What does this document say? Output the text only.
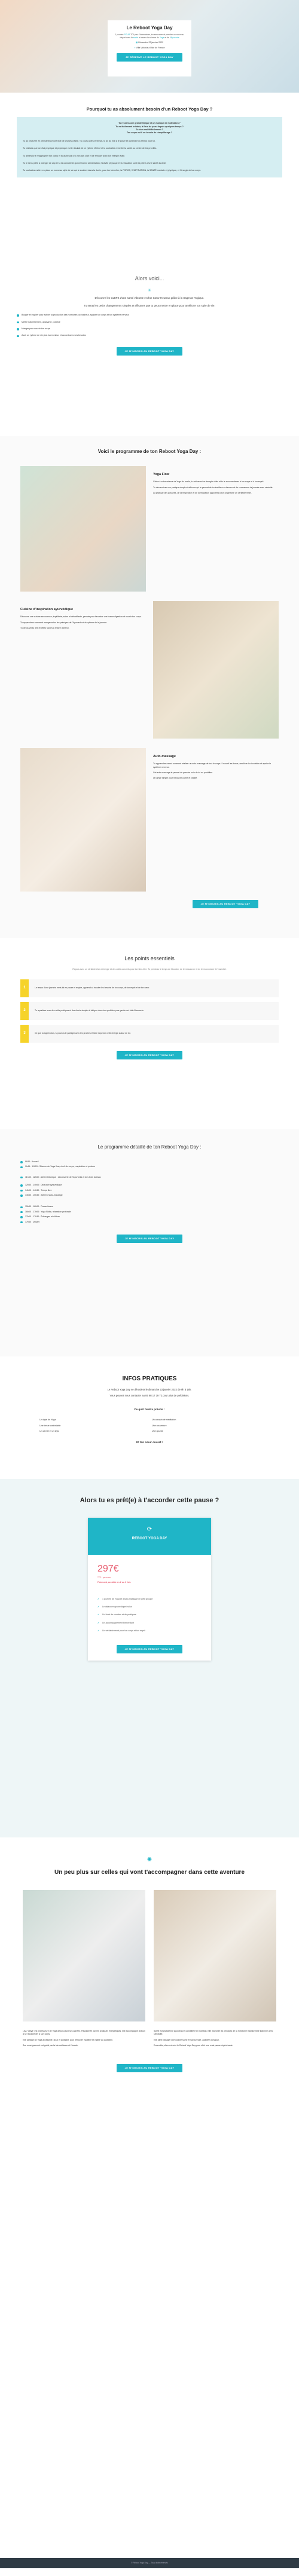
Le Reboot Yoga Day

1 journée POUR TOI pour t'harmoniser, te ressourcer et prendre un nouveau départ avec la santé à travers la science du Yoga et de l'Ayurveda

▦ Dimanche 23 janvier 2022
⌖ Villa Victoria à l'Isle de France
JE RÉSERVE LE REBOOT YOGA DAY
Pourquoi tu as absolument besoin d'un Reboot Yoga Day ?

Tu ressens une grande fatigue et un manque de motivation ?

Tu es facilement irritable, à fleur de peau depuis quelques temps ?

Tu dors mal/difficilement ?

Ton corps est il en besoin de réequilibrage ?

Tu as peut-être en permanence une liste de choses à faire. Tu cours après le temps, tu as du mal à te poser et à prendre du temps pour toi.

Tu réalises que ton état physique et psychique est le résultat de ce rythme effréné et tu souhaites remettre ta santé au centre de tes priorités.

Tu aimerais te réapproprier ton corps et tu as besoin d'y voir plus clair et de renouer avec ton énergie vitale.

Tu te sens prête à changer de cap et tu es consciente qu'une bonne alimentation, l'activité physique et la relaxation sont les piliers d'une santé durable.

Tu souhaites mettre en place un nouveau style de vie qui te soutient dans la durée, pour ton bien-être, la FORCE, l'INSPIRATION, la SANTÉ mentale et physique, et l'énergie de ton corps.

Alors voici...
☀

Découvre les CLEFS d'une santé vibrante et d'un Cœur Heureux grâce à la Sagesse Yogique.

Tu seras les petits changements simples et efficaces que tu peux mettre en place pour améliorer ton style de vie.

Bouger et inspirer pour activer la production des hormones du bonheur, apaiser ton corps et ton système nerveux
Mettre naturellement, apaisante, positive
Manger pour nourrir ton corps
Avoir un rythme de vie plus harmonieux et accord avec ses besoins
JE M'INSCRIS AU REBOOT YOGA DAY
Voici le programme de ton Reboot Yoga Day :
Yoga Flow

Grâce à notre séance de Yoga du matin, tu activeras ton énergie vitale et tu te reconnecteras à ton corps et à ton esprit.

Tu découvriras une pratique simple et efficace qui te permet de te réveiller en douceur et de commencer ta journée avec sérénité.

La pratique des postures, de la respiration et de la relaxation apportera à ton organisme un véritable reset.

Cuisine d'inspiration ayurvédique

Découvre une cuisine savoureuse, équilibrée, saine et détoxifiante, pensée pour favoriser une bonne digestion et nourrir ton corps.

Tu apprendras comment manger selon les principes de l'Ayurveda et du rythme de la journée.

Tu découvriras des recettes faciles à refaire chez toi.

Auto-massage

Tu apprendras aussi comment réaliser un auto-massage de tout le corps. Il nourrit les tissus, améliore la circulation et apaise le système nerveux.

Cet auto-massage te permet de prendre soin de toi au quotidien.

Un geste simple pour retrouver calme et vitalité.

JE M'INSCRIS AU REBOOT YOGA DAY
Les points essentiels

Repars avec un véritable élan d'énergie et des outils concrets pour ton bien-être. Tu prendras le temps de t'écouter, de te ressourcer et de te reconnecter à l'essentiel.

1	Le temps d'une journée, mets-toi en pause et respire, apprends à écouter les besoins de ton corps, de ton esprit et de ton cœur.
2	Tu repartiras avec des outils pratiques et des rituels simples à intégrer dans ton quotidien pour garder cet état d'harmonie.
3	Ce que tu apprendras, tu pourras le partager avec tes proches et faire rayonner cette énergie autour de toi.
JE M'INSCRIS AU REBOOT YOGA DAY
Le programme détaillé de ton Reboot Yoga Day :
9h30 : Accueil
9h45 - 11h15 : Séance de Yoga flow, éveil du corps, respiration et posture
11h30 - 12h30 : Atelier théorique : découverte de l'Ayurveda et des trois doshas
12h30 - 14h00 : Déjeuner ayurvédique
14h00 - 14h30 : Temps libre
14h30 - 15h30 : Atelier d'auto-massage
15h30 - 16h00 : Pause tisane
16h00 - 17h00 : Yoga Nidra, relaxation profonde
17h00 - 17h30 : Échanges et clôture
17h30 : Départ
JE M'INSCRIS AU REBOOT YOGA DAY
INFOS PRATIQUES

Le Reboot Yoga Day se déroulera le dimanche 23 janvier 2022 de 9h à 18h.

Vous pouvez nous contacter au 06 98 17 39 72 pour plus de précisions.

Ce qu'il faudra prévoir :

Un tapis de Yoga
Une tenue confortable
Un carnet et un stylo
Un coussin de méditation
Une couverture
Une gourde

Et ton cœur ouvert !

Alors tu es prêt(e) à t'accorder cette pause ?
⟳
REBOOT YOGA DAY
297€
TTC / personne
Paiement possible en 2 ou 3 fois
✓ 1 journée de Yoga et d'auto-massage en petit groupe
✓ Le déjeuner ayurvédique inclus
✓ Un livret de recettes et de pratiques
✓ Un accompagnement bienveillant
✓ Un véritable reset pour ton corps et ton esprit
JE M'INSCRIS AU REBOOT YOGA DAY
✺
Un peu plus sur celles qui vont t'accompagner dans cette aventure

Lisa "Vidya" est professeure de Yoga depuis plusieurs années. Passionnée par les pratiques énergétiques, elle accompagne chacun à se reconnecter à son corps.

Elle partage un Yoga accessible, doux et puissant, pour retrouver équilibre et vitalité au quotidien.

Son enseignement est guidé par la bienveillance et l'écoute.

Sylvie est praticienne Ayurveda et conseillère en nutrition. Elle transmet les principes de la médecine traditionnelle indienne avec simplicité.

Elle aime partager une cuisine saine et savoureuse, adaptée à chacun.

Ensemble, elles ont créé le Reboot Yoga Day pour offrir une vraie pause régénérante.

JE M'INSCRIS AU REBOOT YOGA DAY
© Reboot Yoga Day — Tous droits réservés
